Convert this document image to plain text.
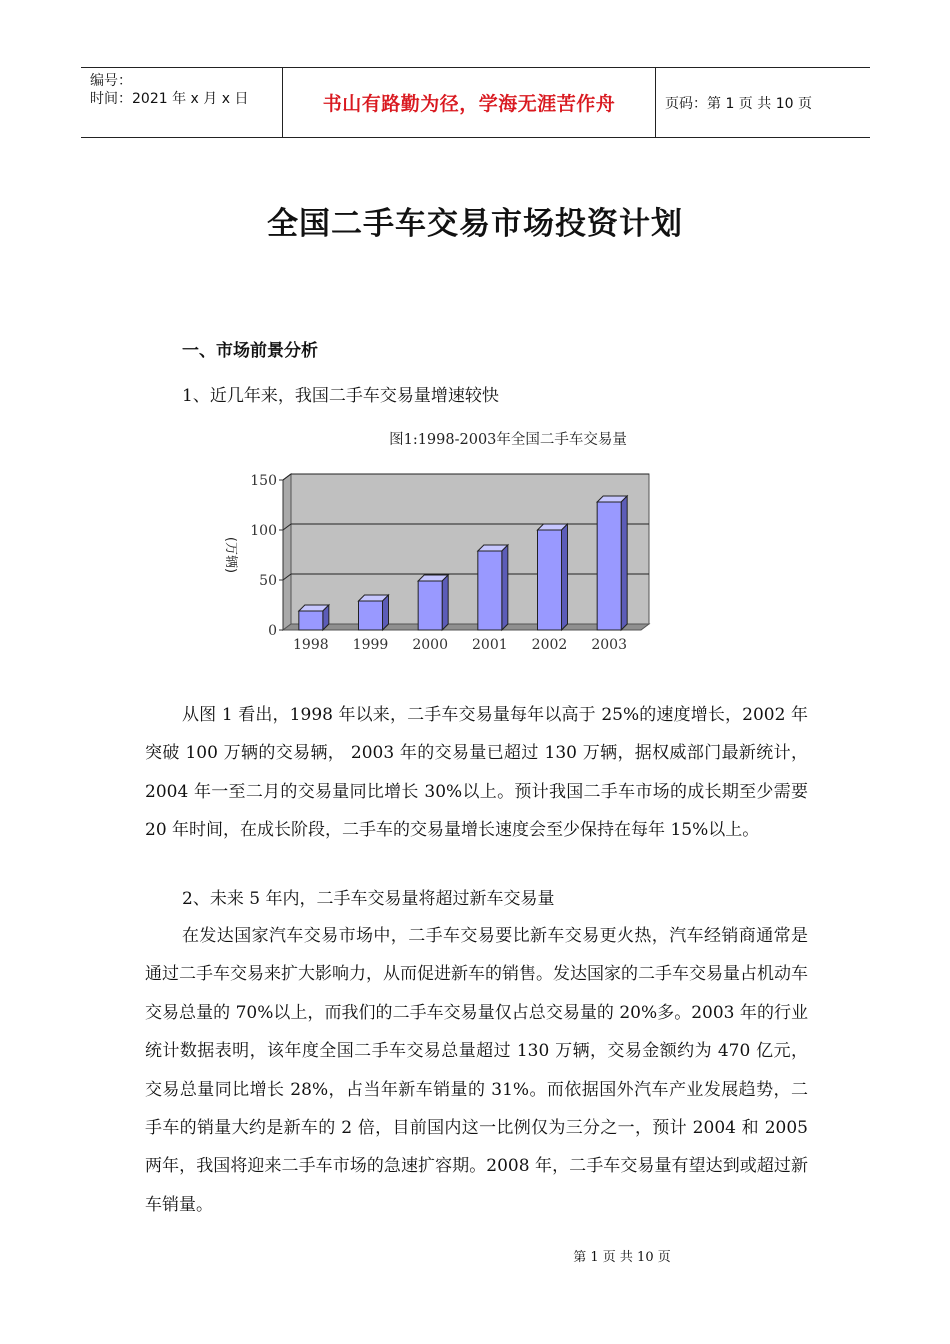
编号：
时间：2021 年 x 月 x 日	书山有路勤为径，学海无涯苦作舟	页码：第 1 页 共 10 页
全国二手车交易市场投资计划
一、市场前景分析
1、近几年来，我国二手车交易量增速较快
图1:1998-2003年全国二手车交易量
0
50
100
150
(万辆)
1998 1999 2000 2001 2002 2003

从图 1 看出，1998 年以来，二手车交易量每年以高于 25%的速度增长，2002 年突破 100 万辆的交易辆， 2003 年的交易量已超过 130 万辆，据权威部门最新统计，2004 年一至二月的交易量同比增长 30%以上。预计我国二手车市场的成长期至少需要 20 年时间，在成长阶段，二手车的交易量增长速度会至少保持在每年 15%以上。

2、未来 5 年内，二手车交易量将超过新车交易量

在发达国家汽车交易市场中，二手车交易要比新车交易更火热，汽车经销商通常是通过二手车交易来扩大影响力，从而促进新车的销售。发达国家的二手车交易量占机动车交易总量的 70%以上，而我们的二手车交易量仅占总交易量的 20%多。2003 年的行业统计数据表明，该年度全国二手车交易总量超过 130 万辆，交易金额约为 470 亿元，交易总量同比增长 28%，占当年新车销量的 31%。而依据国外汽车产业发展趋势，二手车的销量大约是新车的 2 倍，目前国内这一比例仅为三分之一，预计 2004 和 2005 两年，我国将迎来二手车市场的急速扩容期。2008 年，二手车交易量有望达到或超过新车销量。

第 1 页 共 10 页
